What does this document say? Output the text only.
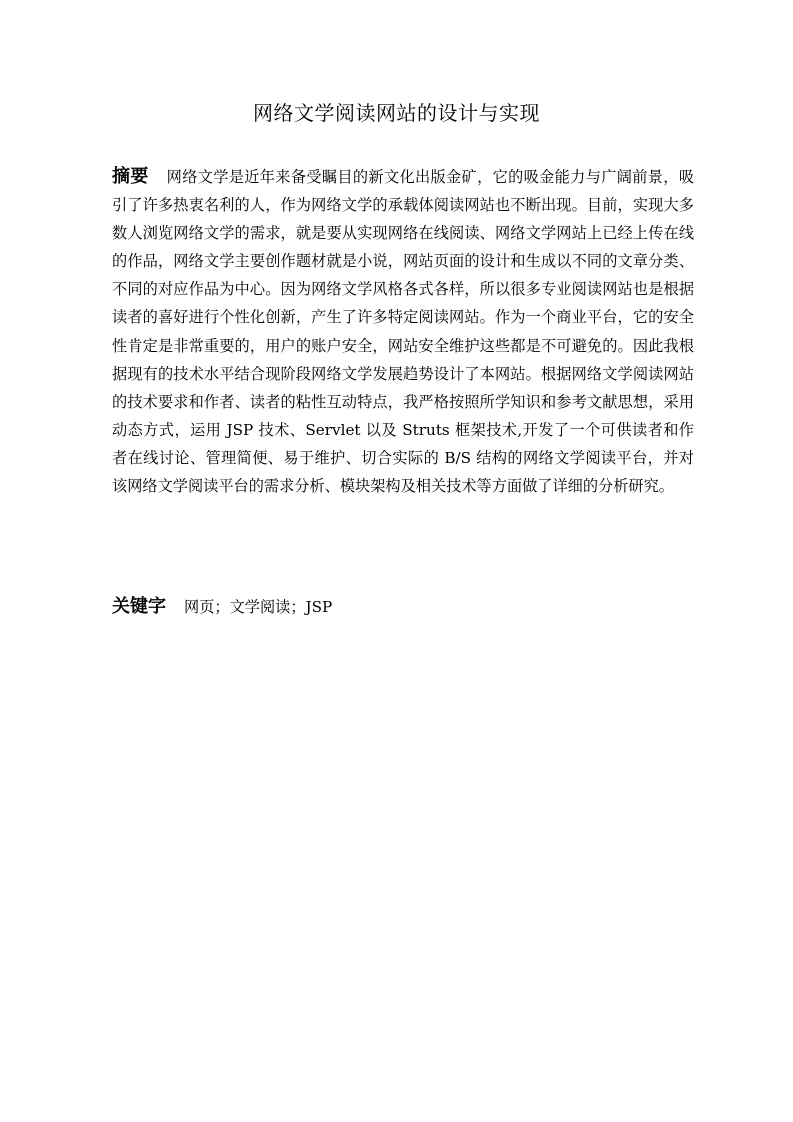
网络文学阅读网站的设计与实现
摘要 网络文学是近年来备受瞩目的新文化出版金矿，它的吸金能力与广阔前景，吸引了许多热衷名利的人，作为网络文学的承载体阅读网站也不断出现。目前，实现大多数人浏览网络文学的需求，就是要从实现网络在线阅读、网络文学网站上已经上传在线的作品，网络文学主要创作题材就是小说，网站页面的设计和生成以不同的文章分类、不同的对应作品为中心。因为网络文学风格各式各样，所以很多专业阅读网站也是根据读者的喜好进行个性化创新，产生了许多特定阅读网站。作为一个商业平台，它的安全性肯定是非常重要的，用户的账户安全，网站安全维护这些都是不可避免的。因此我根据现有的技术水平结合现阶段网络文学发展趋势设计了本网站。根据网络文学阅读网站的技术要求和作者、读者的粘性互动特点，我严格按照所学知识和参考文献思想，采用动态方式，运用 JSP 技术、Servlet 以及 Struts 框架技术,开发了一个可供读者和作者在线讨论、管理简便、易于维护、切合实际的 B/S 结构的网络文学阅读平台，并对该网络文学阅读平台的需求分析、模块架构及相关技术等方面做了详细的分析研究。
关键字 网页；文学阅读；JSP
